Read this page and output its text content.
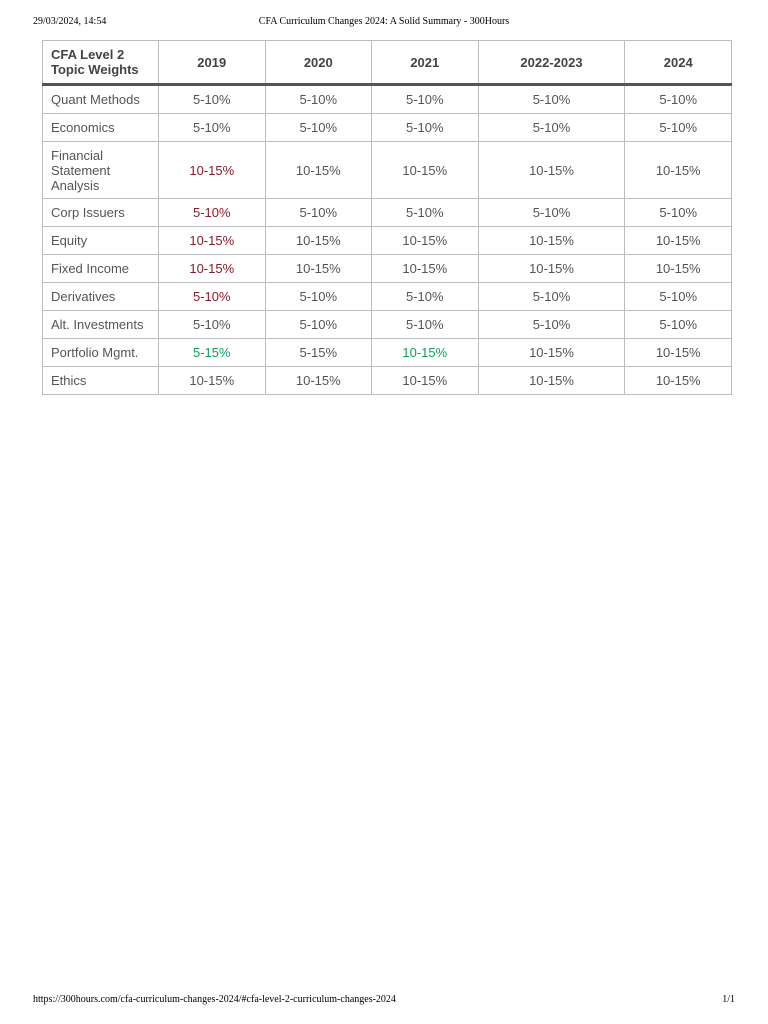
29/03/2024, 14:54	CFA Curriculum Changes 2024: A Solid Summary - 300Hours
CFA Level 2
Topic Weights	2019	2020	2021	2022-2023	2024
Quant Methods	5-10%	5-10%	5-10%	5-10%	5-10%
Economics	5-10%	5-10%	5-10%	5-10%	5-10%
Financial
Statement
Analysis	10-15%	10-15%	10-15%	10-15%	10-15%
Corp Issuers	5-10%	5-10%	5-10%	5-10%	5-10%
Equity	10-15%	10-15%	10-15%	10-15%	10-15%
Fixed Income	10-15%	10-15%	10-15%	10-15%	10-15%
Derivatives	5-10%	5-10%	5-10%	5-10%	5-10%
Alt. Investments	5-10%	5-10%	5-10%	5-10%	5-10%
Portfolio Mgmt.	5-15%	5-15%	10-15%	10-15%	10-15%
Ethics	10-15%	10-15%	10-15%	10-15%	10-15%
https://300hours.com/cfa-curriculum-changes-2024/#cfa-level-2-curriculum-changes-2024	1/1
